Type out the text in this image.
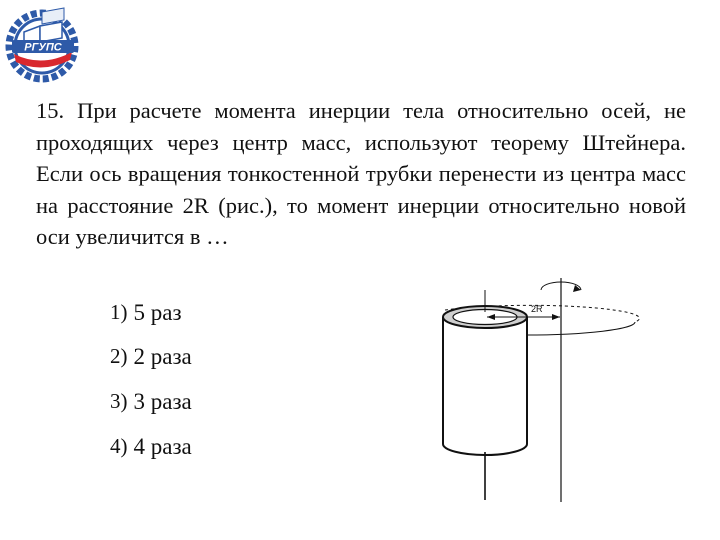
РГУПС
15. При расчете момента инерции тела относительно осей, не проходящих через центр масс, используют теорему Штейнера. Если ось вращения тонкостенной трубки перенести из центра масс на расстояние 2R (рис.), то момент инерции относительно новой оси увеличится в …
1) 5 раз
2) 2 раза
3) 3 раза
4) 4 раза
2R
